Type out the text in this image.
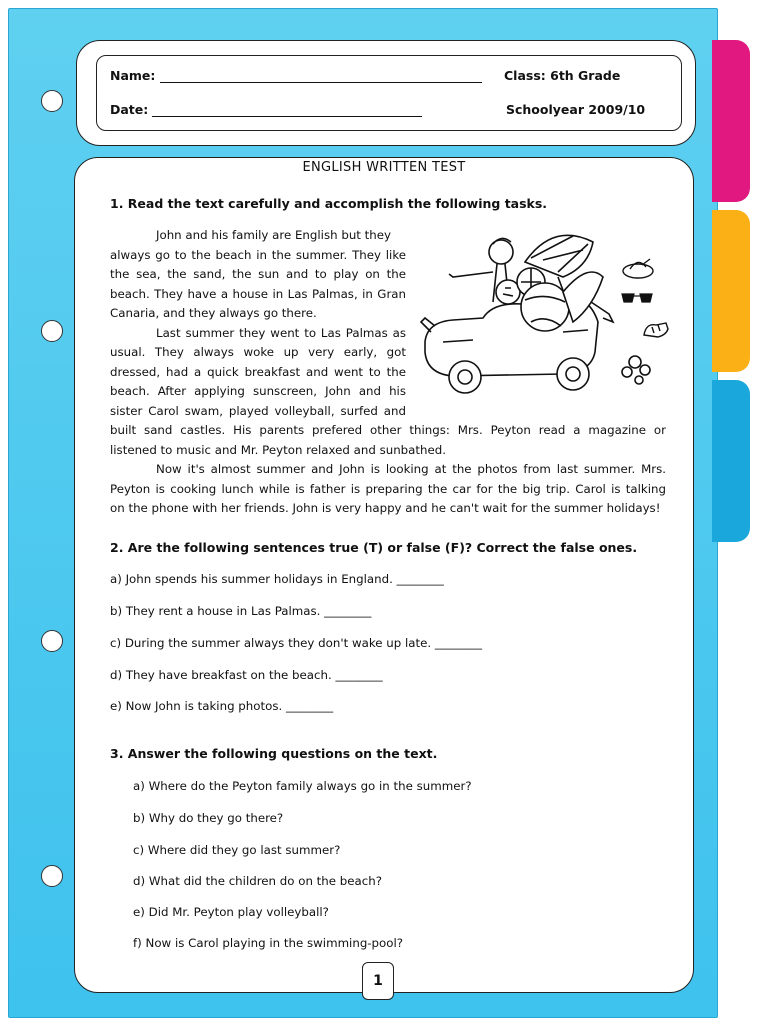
Name:	Class: 6th Grade
Date:	Schoolyear 2009/10
ENGLISH WRITTEN TEST
1. Read the text carefully and accomplish the following tasks.
John and his family are English but they
always go to the beach in the summer. They like
the sea, the sand, the sun and to play on the
beach. They have a house in Las Palmas, in Gran
Canaria, and they always go there.
Last summer they went to Las Palmas as
usual. They always woke up very early, got
dressed, had a quick breakfast and went to the
beach. After applying sunscreen, John and his
sister Carol swam, played volleyball, surfed and
built sand castles. His parents prefered other things: Mrs. Peyton read a magazine or
listened to music and Mr. Peyton relaxed and sunbathed.
Now it's almost summer and John is looking at the photos from last summer. Mrs.
Peyton is cooking lunch while is father is preparing the car for the big trip. Carol is talking
on the phone with her friends. John is very happy and he can't wait for the summer holidays!
2. Are the following sentences true (T) or false (F)? Correct the false ones.
a) John spends his summer holidays in England. ________
b) They rent a house in Las Palmas. ________
c) During the summer always they don't wake up late. ________
d) They have breakfast on the beach. ________
e) Now John is taking photos. ________
3. Answer the following questions on the text.
a) Where do the Peyton family always go in the summer?
b) Why do they go there?
c) Where did they go last summer?
d) What did the children do on the beach?
e) Did Mr. Peyton play volleyball?
f) Now is Carol playing in the swimming-pool?
1
